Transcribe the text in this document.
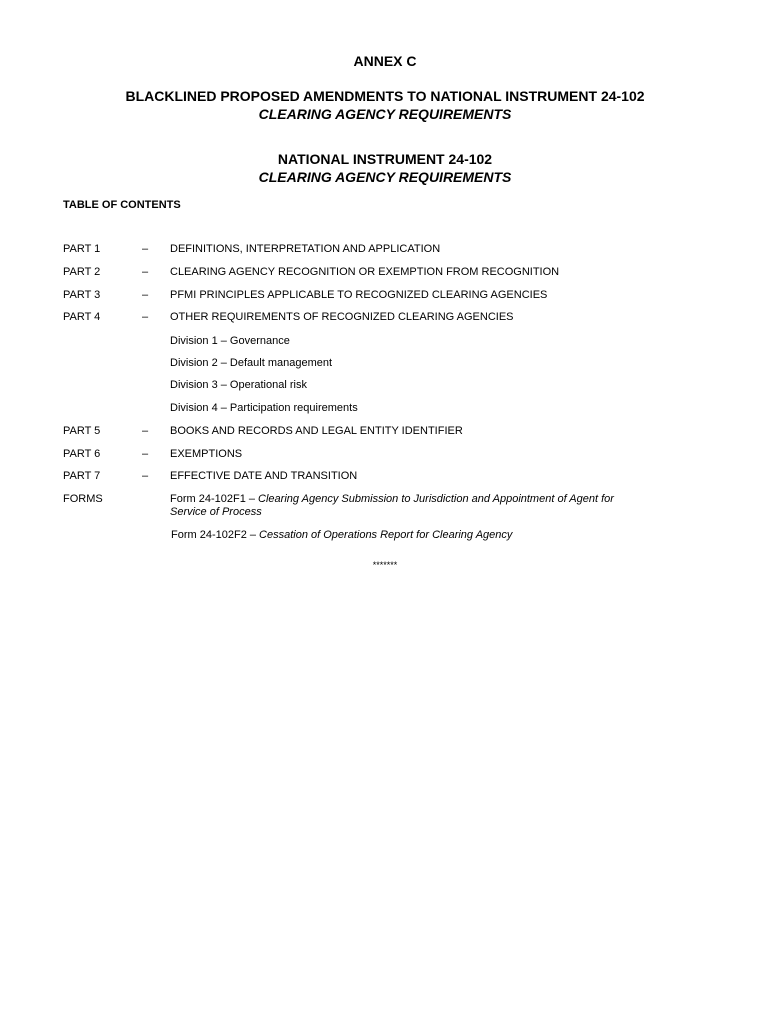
ANNEX C
BLACKLINED PROPOSED AMENDMENTS TO NATIONAL INSTRUMENT 24-102
CLEARING AGENCY REQUIREMENTS
NATIONAL INSTRUMENT 24-102
CLEARING AGENCY REQUIREMENTS
TABLE OF CONTENTS
PART 1	– DEFINITIONS, INTERPRETATION AND APPLICATION
PART 2	– CLEARING AGENCY RECOGNITION OR EXEMPTION FROM RECOGNITION
PART 3	– PFMI PRINCIPLES APPLICABLE TO RECOGNIZED CLEARING AGENCIES
PART 4	– OTHER REQUIREMENTS OF RECOGNIZED CLEARING AGENCIES
Division 1 – Governance
Division 2 – Default management
Division 3 – Operational risk
Division 4 – Participation requirements
PART 5	– BOOKS AND RECORDS AND LEGAL ENTITY IDENTIFIER
PART 6	– EXEMPTIONS
PART 7	– EFFECTIVE DATE AND TRANSITION
FORMS	Form 24-102F1 – Clearing Agency Submission to Jurisdiction and Appointment of Agent for Service of Process
Form 24-102F2 – Cessation of Operations Report for Clearing Agency
*******
